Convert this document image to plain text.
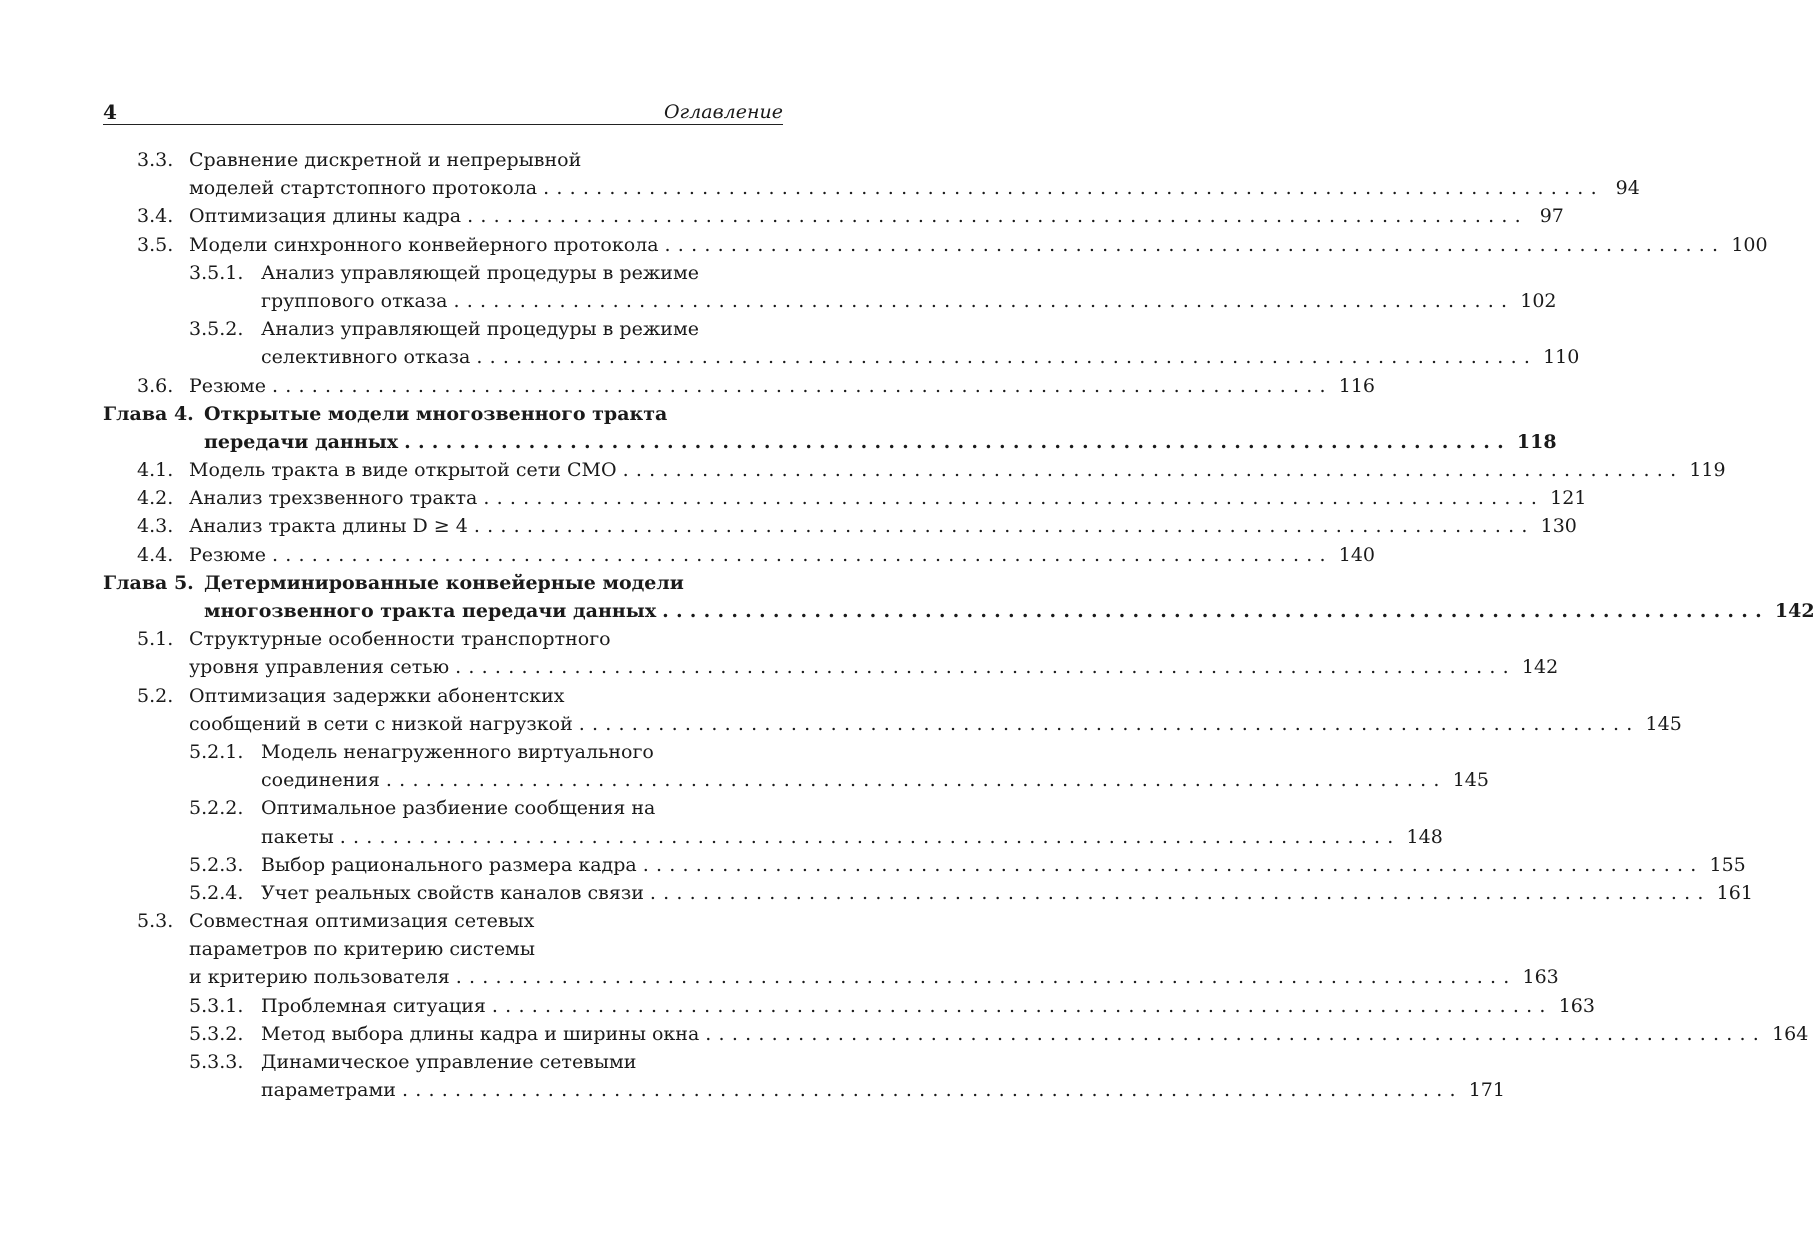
4	Оглавление
3.3. Сравнение дискретной и непрерывной
моделей стартстопного протокола ................................................................................ 94
3.4. Оптимизация длины кадра ................................................................................ 97
3.5. Модели синхронного конвейерного протокола ................................................................................ 100
3.5.1. Анализ управляющей процедуры в режиме
группового отказа ................................................................................ 102
3.5.2. Анализ управляющей процедуры в режиме
селективного отказа ................................................................................ 110
3.6. Резюме ................................................................................ 116
Глава 4. Открытые модели многозвенного тракта
передачи данных ................................................................................ 118
4.1. Модель тракта в виде открытой сети СМО ................................................................................ 119
4.2. Анализ трехзвенного тракта ................................................................................ 121
4.3. Анализ тракта длины D ≥ 4 ................................................................................ 130
4.4. Резюме ................................................................................ 140
Глава 5. Детерминированные конвейерные модели
многозвенного тракта передачи данных ................................................................................ 142
5.1. Структурные особенности транспортного
уровня управления сетью ................................................................................ 142
5.2. Оптимизация задержки абонентских
сообщений в сети с низкой нагрузкой ................................................................................ 145
5.2.1. Модель ненагруженного виртуального
соединения ................................................................................ 145
5.2.2. Оптимальное разбиение сообщения на
пакеты ................................................................................ 148
5.2.3. Выбор рационального размера кадра ................................................................................ 155
5.2.4. Учет реальных свойств каналов связи ................................................................................ 161
5.3. Совместная оптимизация сетевых
параметров по критерию системы
и критерию пользователя ................................................................................ 163
5.3.1. Проблемная ситуация ................................................................................ 163
5.3.2. Метод выбора длины кадра и ширины окна ................................................................................ 164
5.3.3. Динамическое управление сетевыми
параметрами ................................................................................ 171
